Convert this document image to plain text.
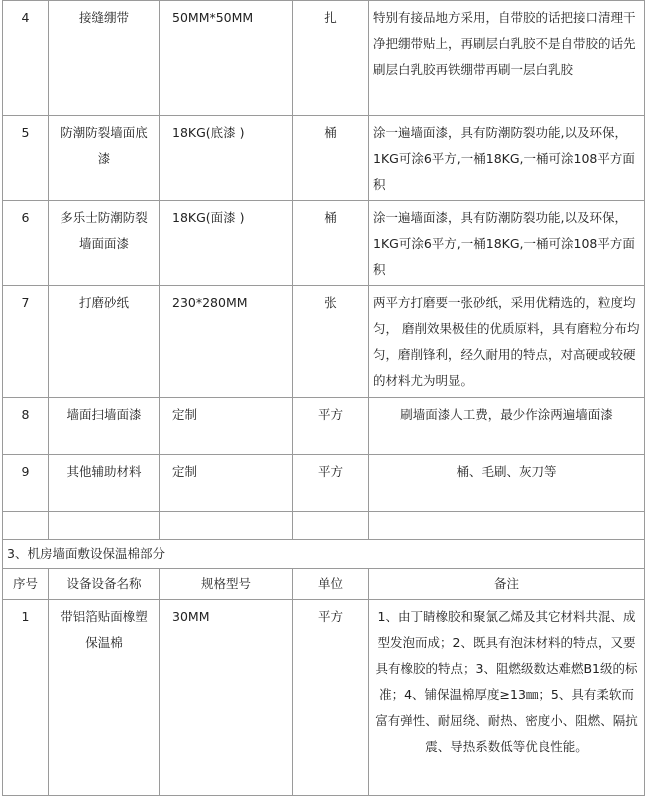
4	接缝绷带	50MM*50MM	扎	特别有接品地方采用，自带胶的话把接口清理干净把绷带贴上，再刷层白乳胶不是自带胶的话先刷层白乳胶再铁绷带再刷一层白乳胶
5	防潮防裂墙面底漆	18KG(底漆 )	桶	涂一遍墙面漆，具有防潮防裂功能,以及环保，1KG可涂6平方,一桶18KG,一桶可涂108平方面积
6	多乐士防潮防裂墙面面漆	18KG(面漆 )	桶	涂一遍墙面漆，具有防潮防裂功能,以及环保，1KG可涂6平方,一桶18KG,一桶可涂108平方面积
7	打磨砂纸	230*280MM	张	两平方打磨要一张砂纸，采用优精选的，粒度均匀， 磨削效果极佳的优质原料，具有磨粒分布均匀，磨削锋利，经久耐用的特点，对高硬或较硬的材料尤为明显。
8	墙面扫墙面漆	定制	平方	刷墙面漆人工费，最少作涂两遍墙面漆
9	其他辅助材料	定制	平方	桶、毛刷、灰刀等

3、机房墙面敷设保温棉部分				
序号	设备设备名称	规格型号	单位	备注
1	带铝箔贴面橡塑保温棉	30MM	平方	1、由丁睛橡胶和聚氯乙烯及其它材料共混、成型发泡而成；2、既具有泡沫材料的特点，又要具有橡胶的特点；3、阻燃级数达难燃B1级的标准；4、铺保温棉厚度≥13㎜；5、具有柔软而富有弹性、耐屈绕、耐热、密度小、阻燃、隔抗震、导热系数低等优良性能。
